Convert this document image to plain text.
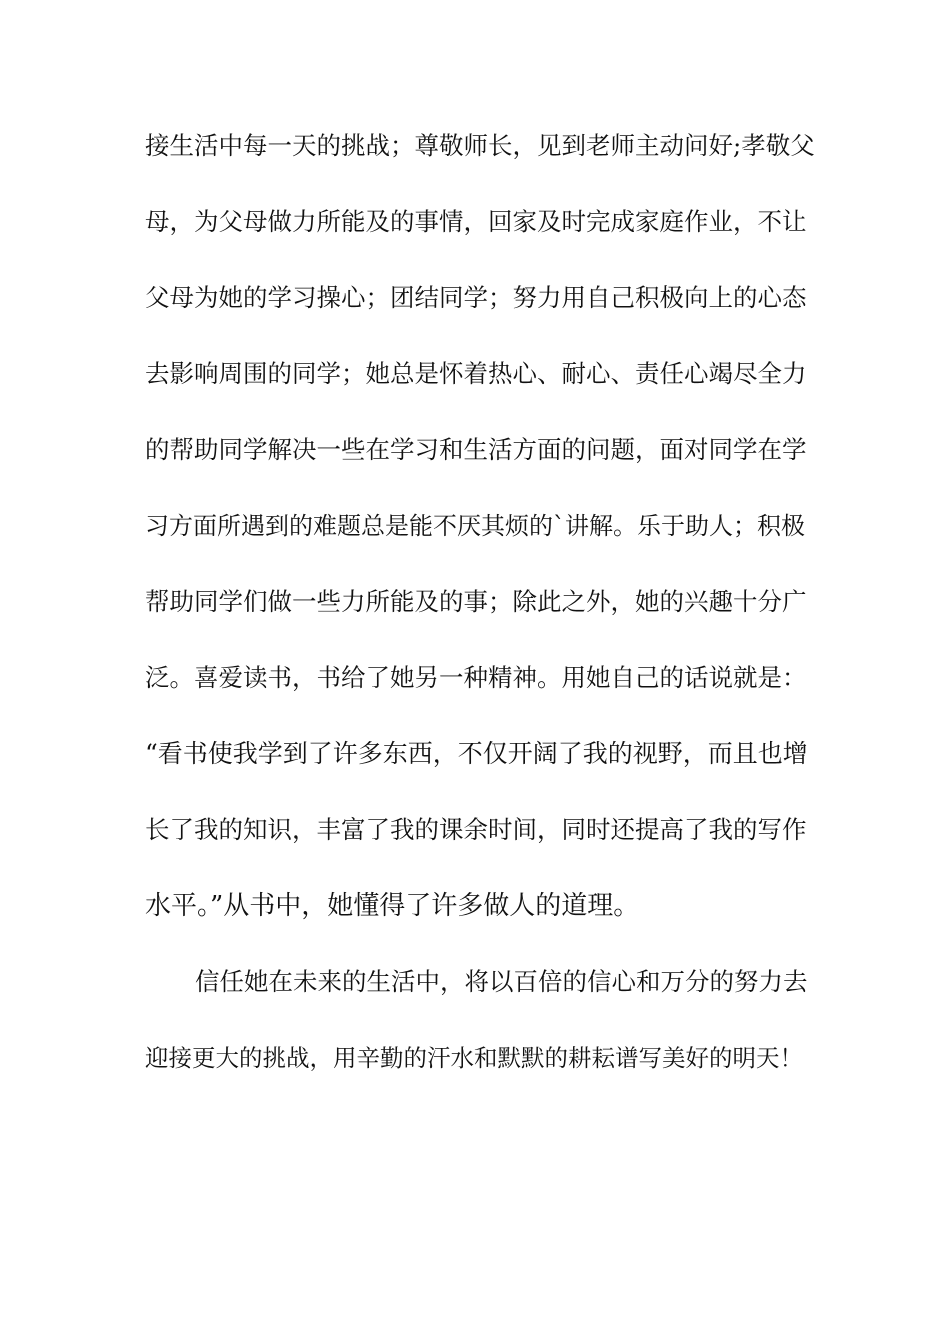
接生活中每一天的挑战；尊敬师长，见到老师主动问好;孝敬父
母，为父母做力所能及的事情，回家及时完成家庭作业，不让
父母为她的学习操心；团结同学；努力用自己积极向上的心态
去影响周围的同学；她总是怀着热心、耐心、责任心竭尽全力
的帮助同学解决一些在学习和生活方面的问题，面对同学在学
习方面所遇到的难题总是能不厌其烦的`讲解。乐于助人；积极
帮助同学们做一些力所能及的事；除此之外，她的兴趣十分广
泛。喜爱读书，书给了她另一种精神。用她自己的话说就是：
“看书使我学到了许多东西，不仅开阔了我的视野，而且也增
长了我的知识，丰富了我的课余时间，同时还提高了我的写作
水平。”从书中，她懂得了许多做人的道理。
信任她在未来的生活中，将以百倍的信心和万分的努力去
迎接更大的挑战，用辛勤的汗水和默默的耕耘谱写美好的明天！
